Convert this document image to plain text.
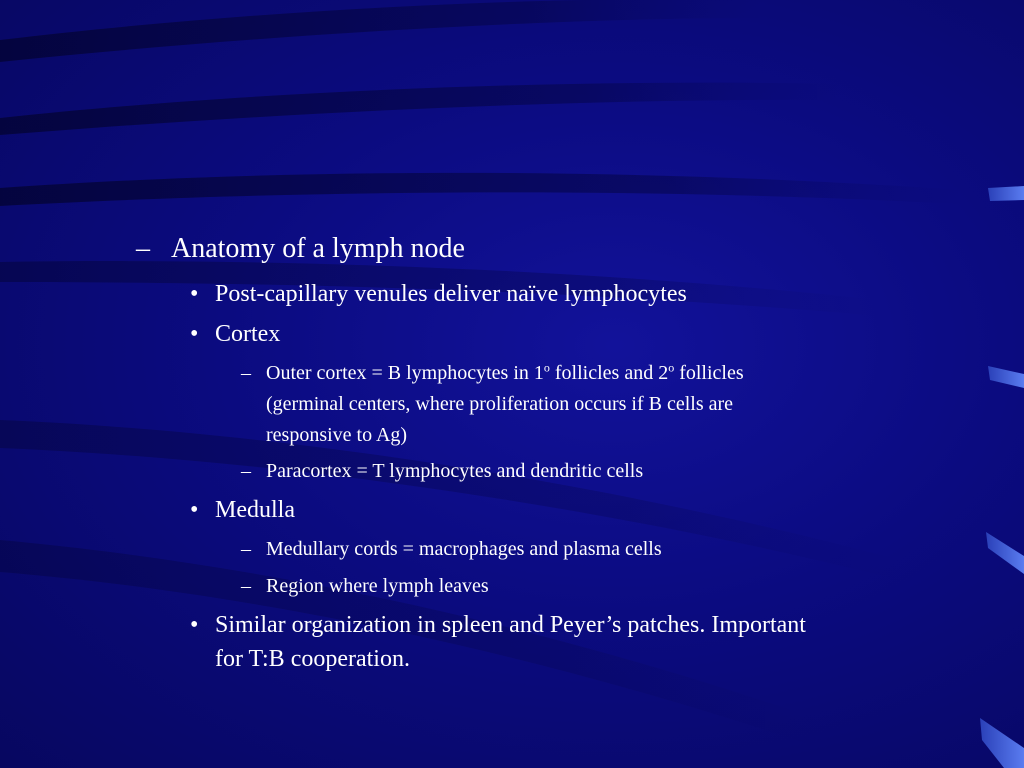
– Anatomy of a lymph node
• Post-capillary venules deliver naïve lymphocytes
• Cortex
– Outer cortex = B lymphocytes in 1$^o$ follicles and 2$^o$ follicles
(germinal centers, where proliferation occurs if B cells are
responsive to Ag)
– Paracortex = T lymphocytes and dendritic cells
• Medulla
– Medullary cords = macrophages and plasma cells
– Region where lymph leaves
• Similar organization in spleen and Peyer’s patches. Important
for T:B cooperation.
